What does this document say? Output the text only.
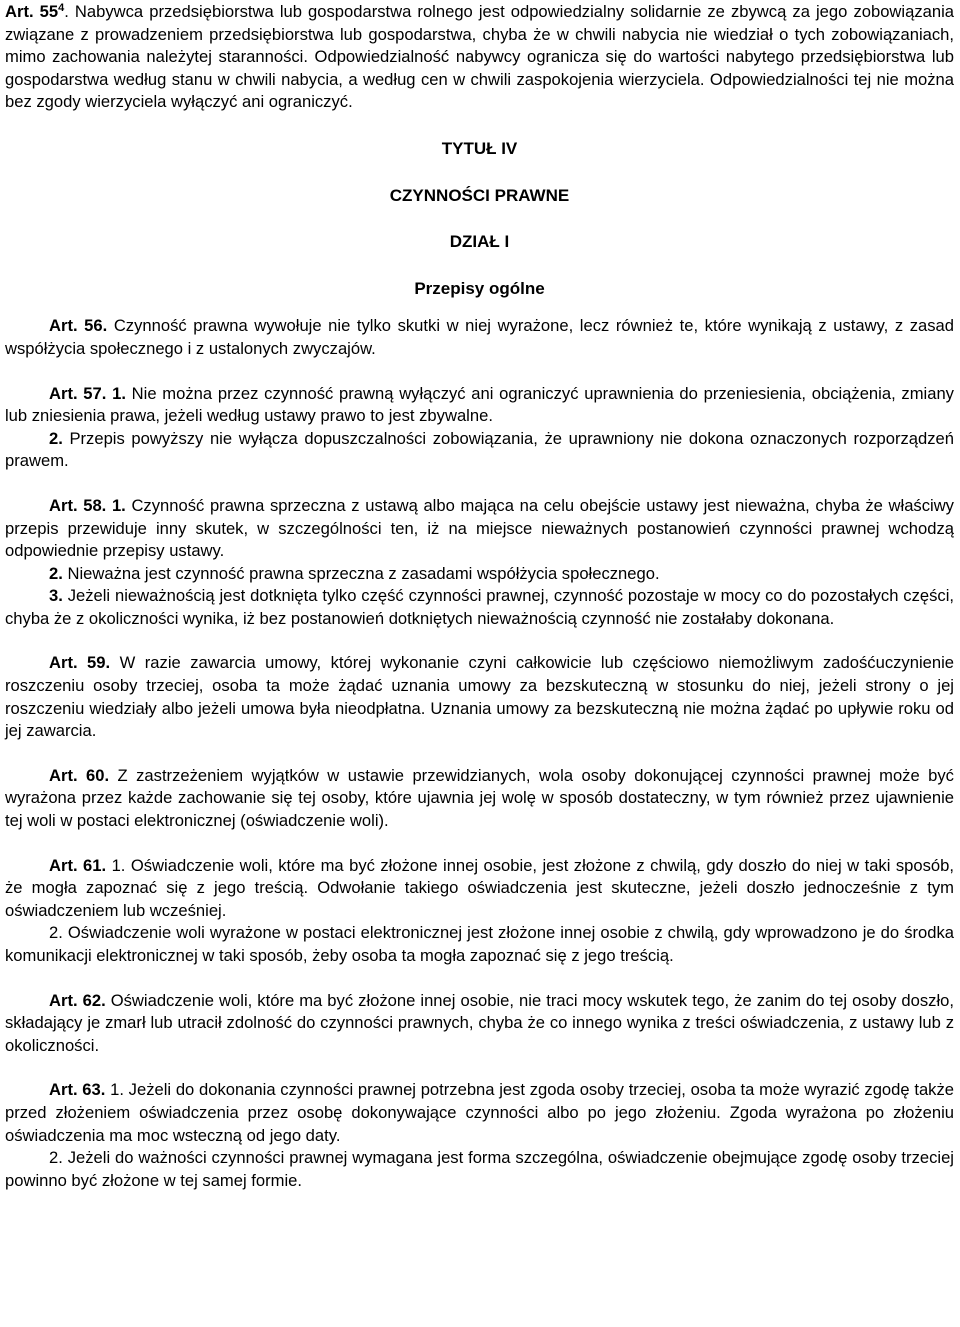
Art. $55^4$. Nabywca przedsiębiorstwa lub gospodarstwa rolnego jest odpowiedzialny solidarnie ze zbywcą za jego zobowiązania związane z prowadzeniem przedsiębiorstwa lub gospodarstwa, chyba że w chwili nabycia nie wiedział o tych zobowiązaniach, mimo zachowania należytej staranności. Odpowiedzialność nabywcy ogranicza się do wartości nabytego przedsiębiorstwa lub gospodarstwa według stanu w chwili nabycia, a według cen w chwili zaspokojenia wierzyciela. Odpowiedzialności tej nie można bez zgody wierzyciela wyłączyć ani ograniczyć.

TYTUŁ IV

CZYNNOŚCI PRAWNE

DZIAŁ I

Przepisy ogólne

Art. 56. Czynność prawna wywołuje nie tylko skutki w niej wyrażone, lecz również te, które wynikają z ustawy, z zasad współżycia społecznego i z ustalonych zwyczajów.

Art. 57. 1. Nie można przez czynność prawną wyłączyć ani ograniczyć uprawnienia do przeniesienia, obciążenia, zmiany lub zniesienia prawa, jeżeli według ustawy prawo to jest zbywalne.

2. Przepis powyższy nie wyłącza dopuszczalności zobowiązania, że uprawniony nie dokona oznaczonych rozporządzeń prawem.

Art. 58. 1. Czynność prawna sprzeczna z ustawą albo mająca na celu obejście ustawy jest nieważna, chyba że właściwy przepis przewiduje inny skutek, w szczególności ten, iż na miejsce nieważnych postanowień czynności prawnej wchodzą odpowiednie przepisy ustawy.

2. Nieważna jest czynność prawna sprzeczna z zasadami współżycia społecznego.

3. Jeżeli nieważnością jest dotknięta tylko część czynności prawnej, czynność pozostaje w mocy co do pozostałych części, chyba że z okoliczności wynika, iż bez postanowień dotkniętych nieważnością czynność nie zostałaby dokonana.

Art. 59. W razie zawarcia umowy, której wykonanie czyni całkowicie lub częściowo niemożliwym zadośćuczynienie roszczeniu osoby trzeciej, osoba ta może żądać uznania umowy za bezskuteczną w stosunku do niej, jeżeli strony o jej roszczeniu wiedziały albo jeżeli umowa była nieodpłatna. Uznania umowy za bezskuteczną nie można żądać po upływie roku od jej zawarcia.

Art. 60. Z zastrzeżeniem wyjątków w ustawie przewidzianych, wola osoby dokonującej czynności prawnej może być wyrażona przez każde zachowanie się tej osoby, które ujawnia jej wolę w sposób dostateczny, w tym również przez ujawnienie tej woli w postaci elektronicznej (oświadczenie woli).

Art. 61. 1. Oświadczenie woli, które ma być złożone innej osobie, jest złożone z chwilą, gdy doszło do niej w taki sposób, że mogła zapoznać się z jego treścią. Odwołanie takiego oświadczenia jest skuteczne, jeżeli doszło jednocześnie z tym oświadczeniem lub wcześniej.

2. Oświadczenie woli wyrażone w postaci elektronicznej jest złożone innej osobie z chwilą, gdy wprowadzono je do środka komunikacji elektronicznej w taki sposób, żeby osoba ta mogła zapoznać się z jego treścią.

Art. 62. Oświadczenie woli, które ma być złożone innej osobie, nie traci mocy wskutek tego, że zanim do tej osoby doszło, składający je zmarł lub utracił zdolność do czynności prawnych, chyba że co innego wynika z treści oświadczenia, z ustawy lub z okoliczności.

Art. 63. 1. Jeżeli do dokonania czynności prawnej potrzebna jest zgoda osoby trzeciej, osoba ta może wyrazić zgodę także przed złożeniem oświadczenia przez osobę dokonywające czynności albo po jego złożeniu. Zgoda wyrażona po złożeniu oświadczenia ma moc wsteczną od jego daty.

2. Jeżeli do ważności czynności prawnej wymagana jest forma szczególna, oświadczenie obejmujące zgodę osoby trzeciej powinno być złożone w tej samej formie.
